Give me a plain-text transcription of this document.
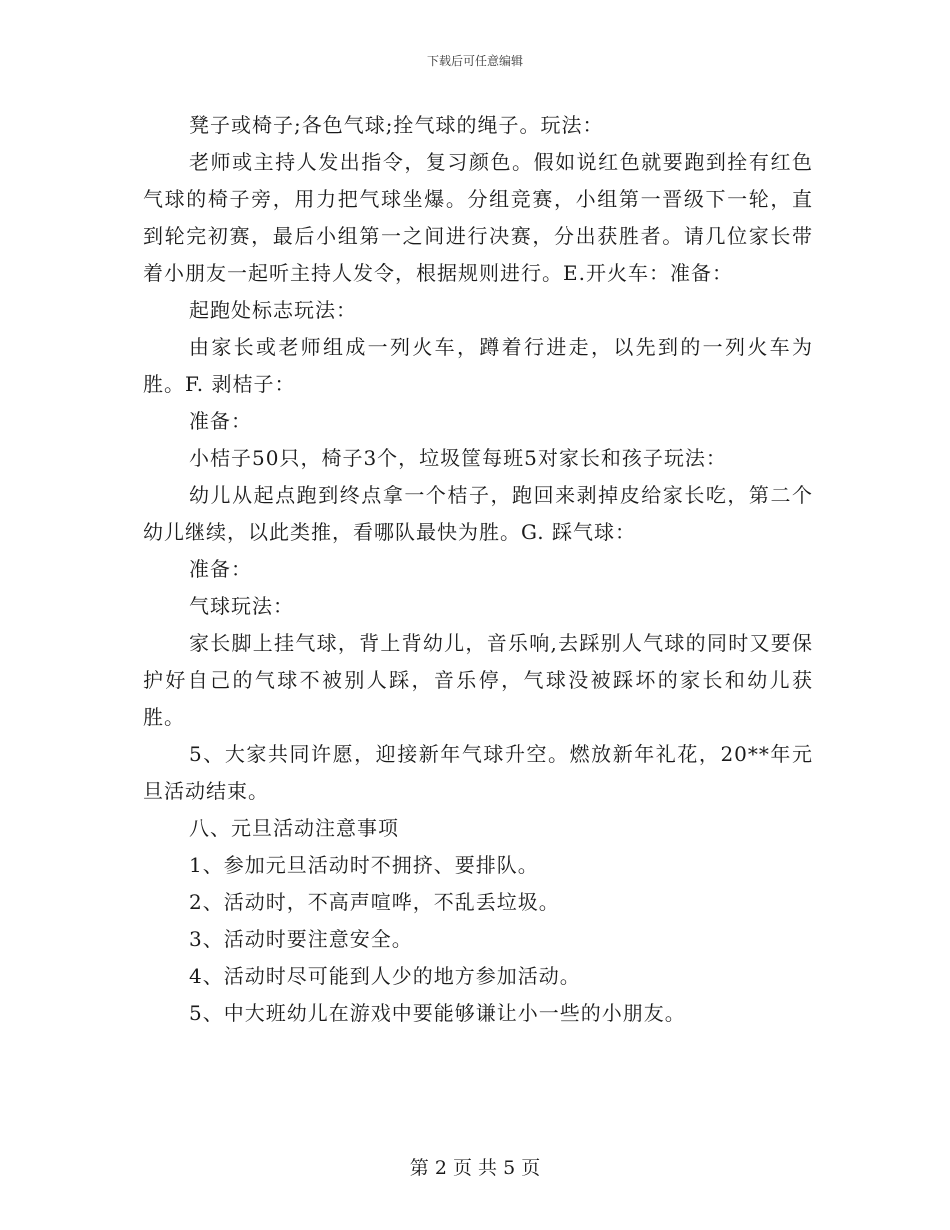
下载后可任意编辑

凳子或椅子;各色气球;拴气球的绳子。玩法：

老师或主持人发出指令，复习颜色。假如说红色就要跑到拴有红色气球的椅子旁，用力把气球坐爆。分组竞赛，小组第一晋级下一轮，直到轮完初赛，最后小组第一之间进行决赛，分出获胜者。请几位家长带着小朋友一起听主持人发令，根据规则进行。E.开火车：准备：

起跑处标志玩法：

由家长或老师组成一列火车，蹲着行进走，以先到的一列火车为胜。F. 剥桔子：

准备：

小桔子50只，椅子3个，垃圾筐每班5对家长和孩子玩法：

幼儿从起点跑到终点拿一个桔子，跑回来剥掉皮给家长吃，第二个幼儿继续，以此类推，看哪队最快为胜。G. 踩气球：

准备：

气球玩法：

家长脚上挂气球，背上背幼儿，音乐响,去踩别人气球的同时又要保护好自己的气球不被别人踩，音乐停，气球没被踩坏的家长和幼儿获胜。

5、大家共同许愿，迎接新年气球升空。燃放新年礼花，20**年元旦活动结束。

八、元旦活动注意事项

1、参加元旦活动时不拥挤、要排队。

2、活动时，不高声喧哗，不乱丢垃圾。

3、活动时要注意安全。

4、活动时尽可能到人少的地方参加活动。

5、中大班幼儿在游戏中要能够谦让小一些的小朋友。

第 2 页 共 5 页
